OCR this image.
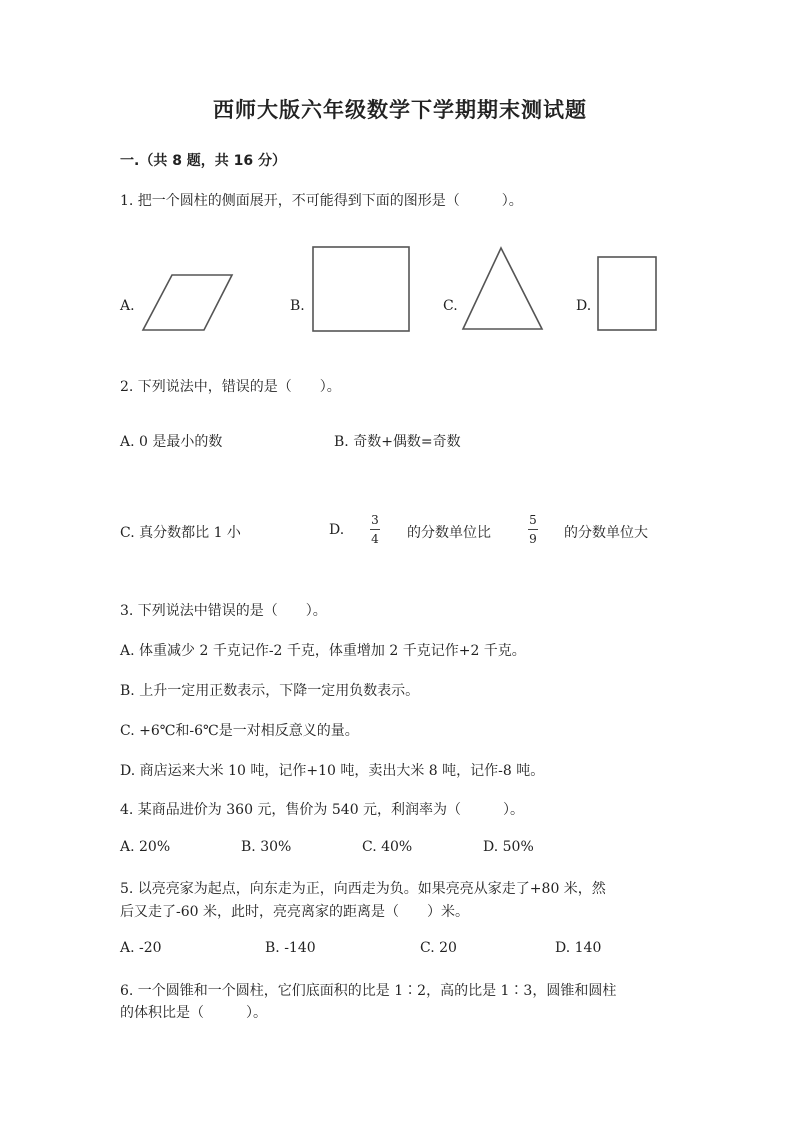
西师大版六年级数学下学期期末测试题
一.（共 8 题，共 16 分）
1. 把一个圆柱的侧面展开，不可能得到下面的图形是（　　　）。
A.	B.	C.	D.
2. 下列说法中，错误的是（　　）。
A. 0 是最小的数	B. 奇数+偶数=奇数
C. 真分数都比 1 小	D.
3
4 的分数单位比
5
9 的分数单位大
3. 下列说法中错误的是（　　）。
A. 体重减少 2 千克记作-2 千克，体重增加 2 千克记作+2 千克。
B. 上升一定用正数表示，下降一定用负数表示。
C. +6℃和-6℃是一对相反意义的量。
D. 商店运来大米 10 吨，记作+10 吨，卖出大米 8 吨，记作-8 吨。
4. 某商品进价为 360 元，售价为 540 元，利润率为（　　　）。
A. 20%	B. 30%	C. 40%	D. 50%
5. 以亮亮家为起点，向东走为正，向西走为负。如果亮亮从家走了+80 米，然
后又走了-60 米，此时，亮亮离家的距离是（　　）米。
A. -20	B. -140	C. 20	D. 140
6. 一个圆锥和一个圆柱，它们底面积的比是 1∶2，高的比是 1∶3，圆锥和圆柱
的体积比是（　　　）。
